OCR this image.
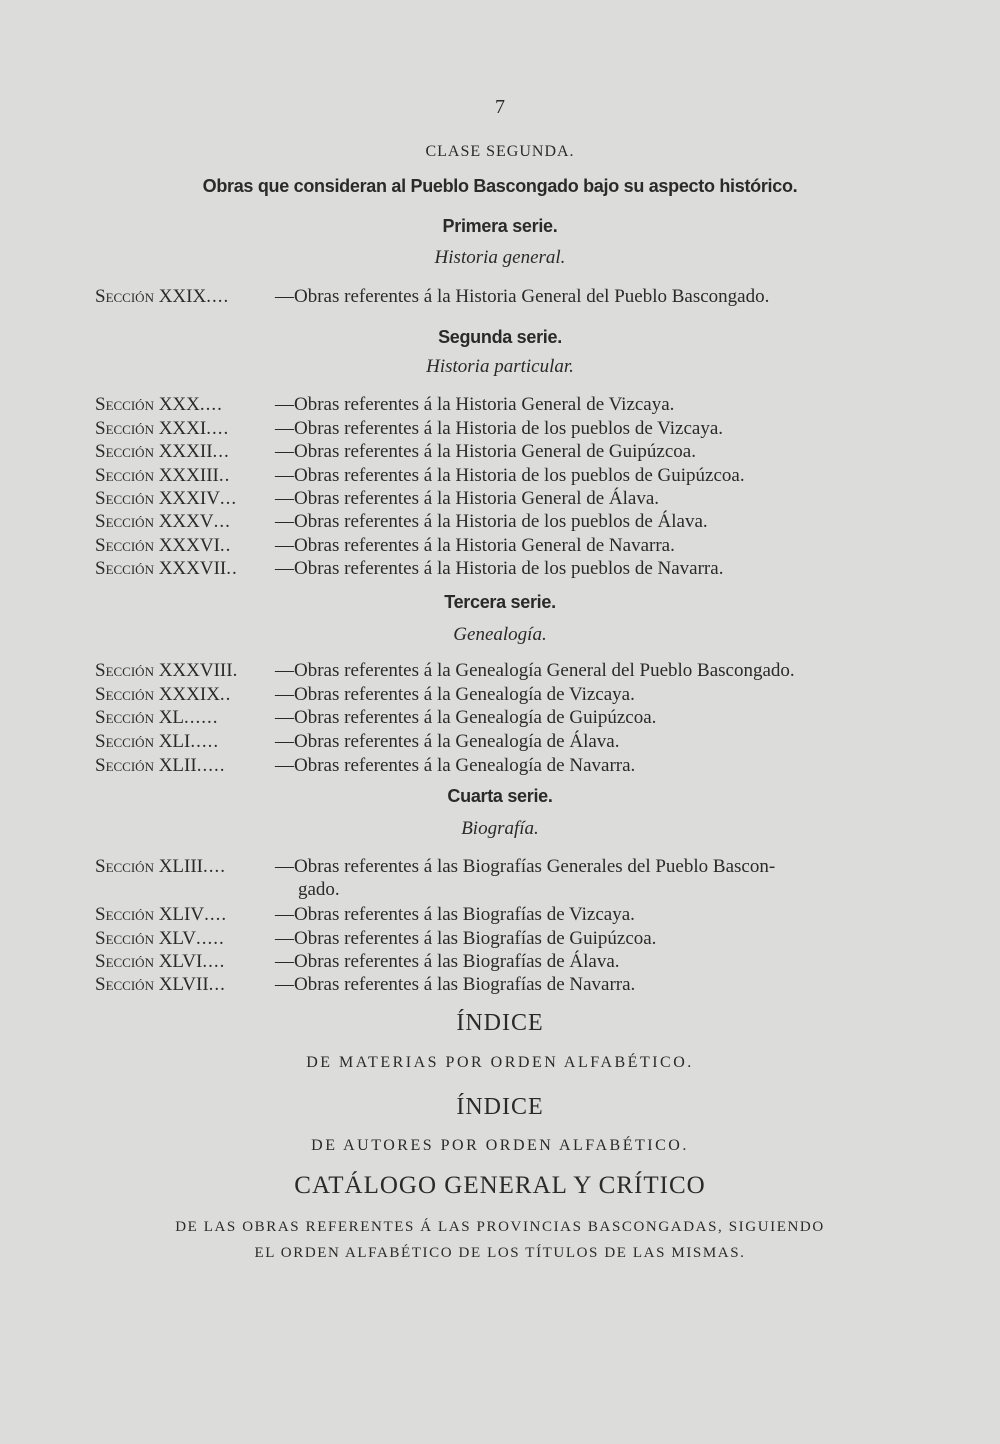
7
CLASE SEGUNDA.
Obras que consideran al Pueblo Bascongado bajo su aspecto histórico.
Primera serie.
Historia general.
Sección XXIX.... —Obras referentes á la Historia General del Pueblo Bascongado.
Segunda serie.
Historia particular.
Sección XXX....	—Obras referentes á la Historia General de Vizcaya.
Sección XXXI.... —Obras referentes á la Historia de los pueblos de Vizcaya.
Sección XXXII... —Obras referentes á la Historia General de Guipúzcoa.
Sección XXXIII.. —Obras referentes á la Historia de los pueblos de Guipúzcoa.
Sección XXXIV... —Obras referentes á la Historia General de Álava.
Sección XXXV... —Obras referentes á la Historia de los pueblos de Álava.
Sección XXXVI.. —Obras referentes á la Historia General de Navarra.
Sección XXXVII.. —Obras referentes á la Historia de los pueblos de Navarra.
Tercera serie.
Genealogía.
Sección XXXVIII. —Obras referentes á la Genealogía General del Pueblo Bascongado.
Sección XXXIX.. —Obras referentes á la Genealogía de Vizcaya.
Sección XL......	—Obras referentes á la Genealogía de Guipúzcoa.
Sección XLI.....	—Obras referentes á la Genealogía de Álava.
Sección XLII.....	—Obras referentes á la Genealogía de Navarra.
Cuarta serie.
Biografía.
Sección XLIII....	—Obras referentes á las Biografías Generales del Pueblo Bascon-
gado.
Sección XLIV....	—Obras referentes á las Biografías de Vizcaya.
Sección XLV.....	—Obras referentes á las Biografías de Guipúzcoa.
Sección XLVI....	—Obras referentes á las Biografías de Álava.
Sección XLVII...	—Obras referentes á las Biografías de Navarra.
ÍNDICE
DE MATERIAS POR ORDEN ALFABÉTICO.
ÍNDICE
DE AUTORES POR ORDEN ALFABÉTICO.
CATÁLOGO GENERAL Y CRÍTICO
DE LAS OBRAS REFERENTES Á LAS PROVINCIAS BASCONGADAS, SIGUIENDO
EL ORDEN ALFABÉTICO DE LOS TÍTULOS DE LAS MISMAS.
